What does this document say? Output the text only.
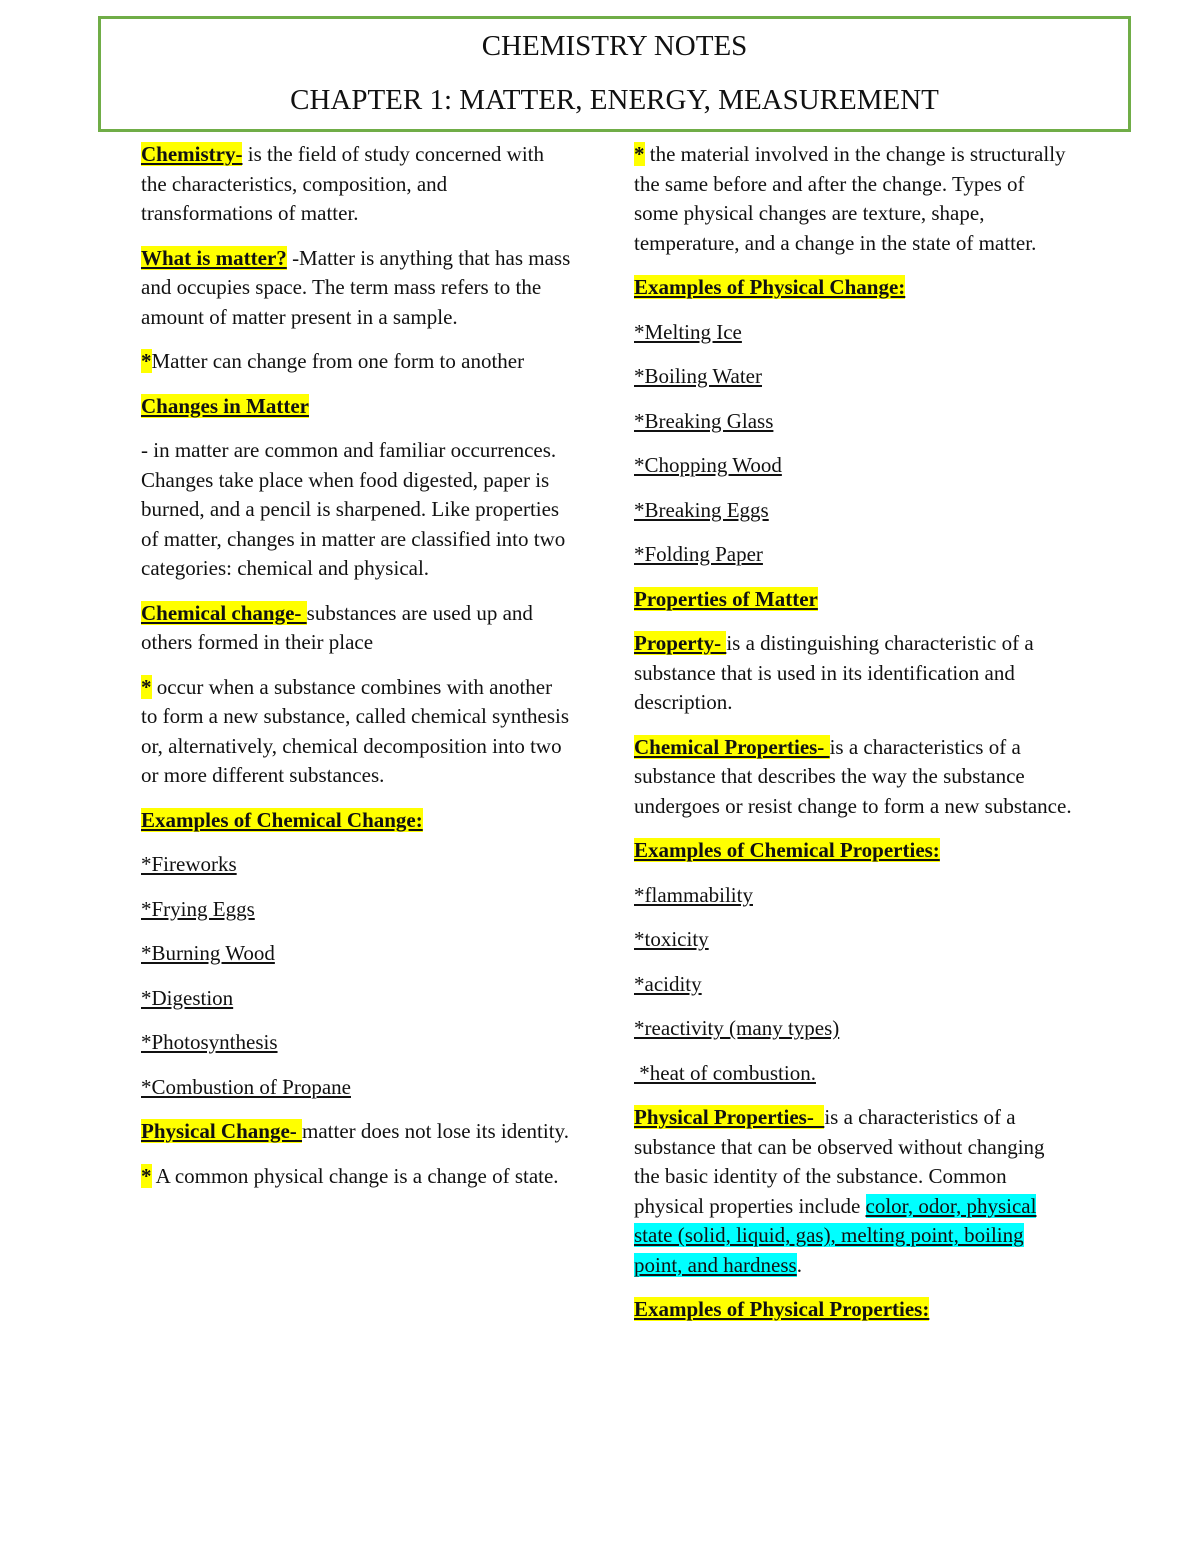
CHEMISTRY NOTES
CHAPTER 1: MATTER, ENERGY, MEASUREMENT

Chemistry- is the field of study concerned with the characteristics, composition, and transformations of matter.

What is matter? -Matter is anything that has mass and occupies space. The term mass refers to the amount of matter present in a sample.

*Matter can change from one form to another

Changes in Matter

- in matter are common and familiar occurrences. Changes take place when food digested, paper is burned, and a pencil is sharpened. Like properties of matter, changes in matter are classified into two categories: chemical and physical.

Chemical change- substances are used up and others formed in their place

* occur when a substance combines with another to form a new substance, called chemical synthesis or, alternatively, chemical decomposition into two or more different substances.

Examples of Chemical Change:

*Fireworks

*Frying Eggs

*Burning Wood

*Digestion

*Photosynthesis

*Combustion of Propane

Physical Change- matter does not lose its identity.

* A common physical change is a change of state.

* the material involved in the change is structurally the same before and after the change. Types of some physical changes are texture, shape, temperature, and a change in the state of matter.

Examples of Physical Change:

*Melting Ice

*Boiling Water

*Breaking Glass

*Chopping Wood

*Breaking Eggs

*Folding Paper

Properties of Matter

Property- is a distinguishing characteristic of a substance that is used in its identification and description.

Chemical Properties- is a characteristics of a substance that describes the way the substance undergoes or resist change to form a new substance.

Examples of Chemical Properties:

*flammability

*toxicity

*acidity

*reactivity (many types)

*heat of combustion.

Physical Properties-  is a characteristics of a substance that can be observed without changing the basic identity of the substance. Common physical properties include color, odor, physical state (solid, liquid, gas), melting point, boiling point, and hardness.

Examples of Physical Properties:
